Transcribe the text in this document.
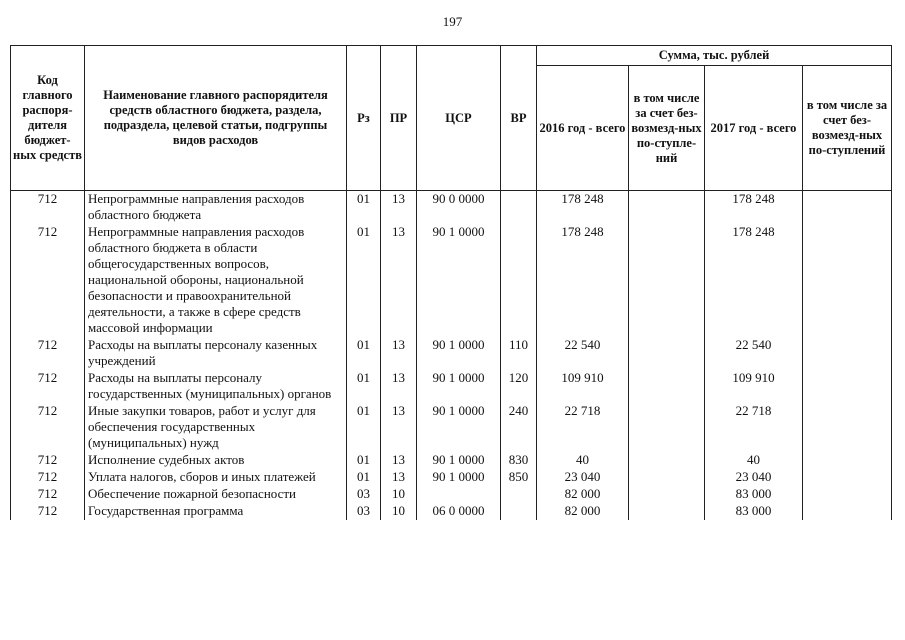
197
Код главного распоря-дителя бюджет-ных средств	Наименование главного распорядителя средств областного бюджета, раздела, подраздела, целевой статьи, подгруппы видов расходов	Рз	ПР	ЦСР	ВР	Сумма, тыс. рублей			
						2016 год - всего	в том числе за счет без-возмезд-ных по-ступле-ний	2017 год - всего	в том числе за счет без-возмезд-ных по-ступлений
712	Непрограммные направления расходов областного бюджета	01	13	90 0 0000		178 248		178 248	
712	Непрограммные направления расходов областного бюджета в области общегосударственных вопросов, национальной обороны, национальной безопасности и правоохранительной деятельности, а также в сфере средств массовой информации	01	13	90 1 0000		178 248		178 248	
712	Расходы на выплаты персоналу казенных учреждений	01	13	90 1 0000	110	22 540		22 540	
712	Расходы на выплаты персоналу государственных (муниципальных) органов	01	13	90 1 0000	120	109 910		109 910	
712	Иные закупки товаров, работ и услуг для обеспечения государственных (муниципальных) нужд	01	13	90 1 0000	240	22 718		22 718	
712	Исполнение судебных актов	01	13	90 1 0000	830	40		40	
712	Уплата налогов, сборов и иных платежей	01	13	90 1 0000	850	23 040		23 040	
712	Обеспечение пожарной безопасности	03	10			82 000		83 000	
712	Государственная программа	03	10	06 0 0000		82 000		83 000	
